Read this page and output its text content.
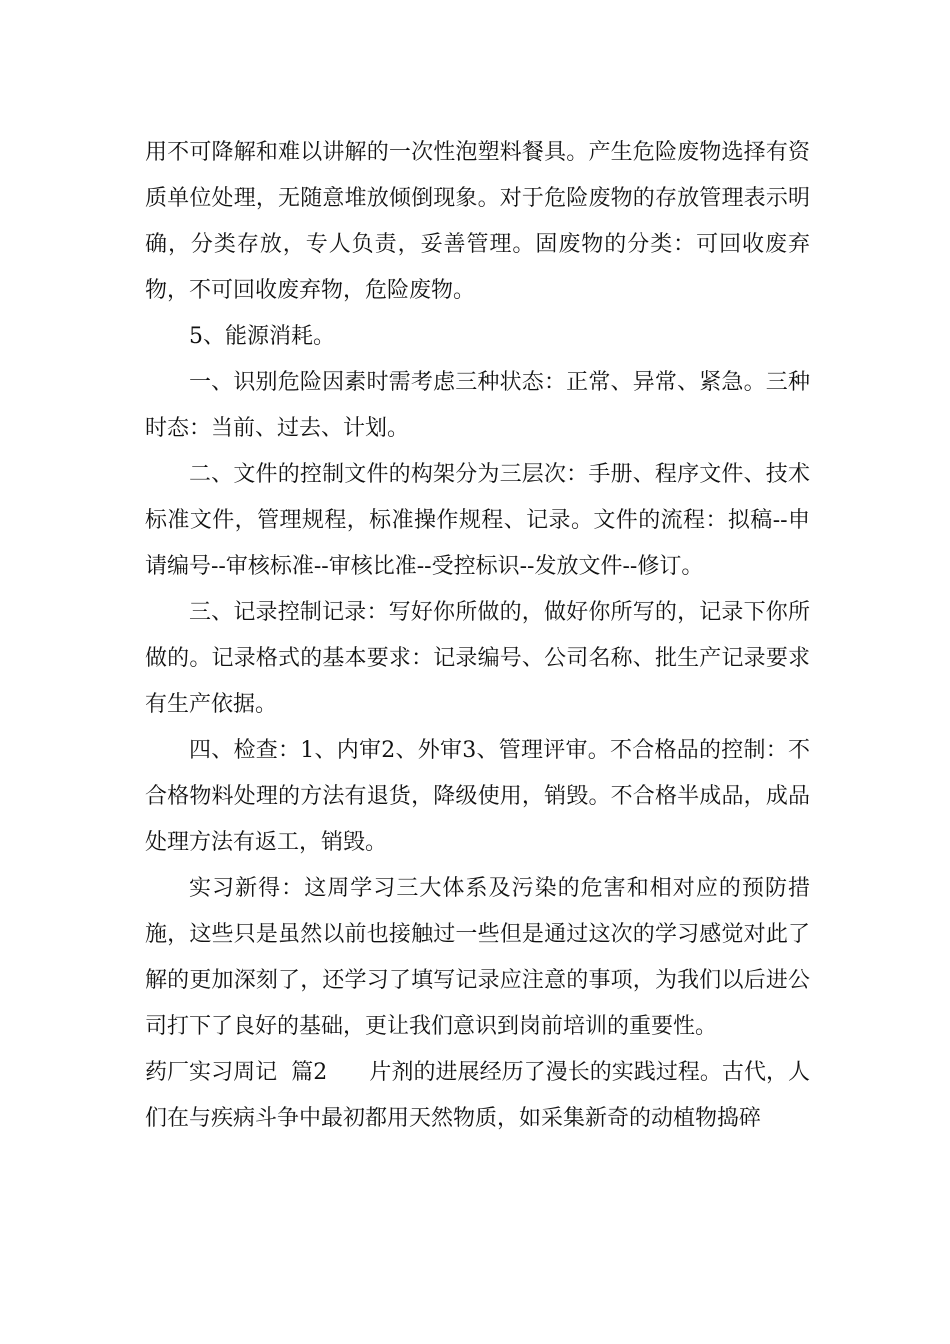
用不可降解和难以讲解的一次性泡塑料餐具。产生危险废物选择有资质单位处理，无随意堆放倾倒现象。对于危险废物的存放管理表示明确，分类存放，专人负责，妥善管理。固废物的分类：可回收废弃物，不可回收废弃物，危险废物。

5、能源消耗。

一、识别危险因素时需考虑三种状态：正常、异常、紧急。三种时态：当前、过去、计划。

二、文件的控制文件的构架分为三层次：手册、程序文件、技术标准文件，管理规程，标准操作规程、记录。文件的流程：拟稿--申请编号--审核标准--审核比准--受控标识--发放文件--修订。

三、记录控制记录：写好你所做的，做好你所写的，记录下你所做的。记录格式的基本要求：记录编号、公司名称、批生产记录要求有生产依据。

四、检查：1、内审2、外审3、管理评审。不合格品的控制：不合格物料处理的方法有退货，降级使用，销毁。不合格半成品，成品处理方法有返工，销毁。

实习新得：这周学习三大体系及污染的危害和相对应的预防措施，这些只是虽然以前也接触过一些但是通过这次的学习感觉对此了解的更加深刻了，还学习了填写记录应注意的事项，为我们以后进公司打下了良好的基础，更让我们意识到岗前培训的重要性。

药厂实习周记  篇2 片剂的进展经历了漫长的实践过程。古代，人们在与疾病斗争中最初都用天然物质，如采集新奇的动植物捣碎
